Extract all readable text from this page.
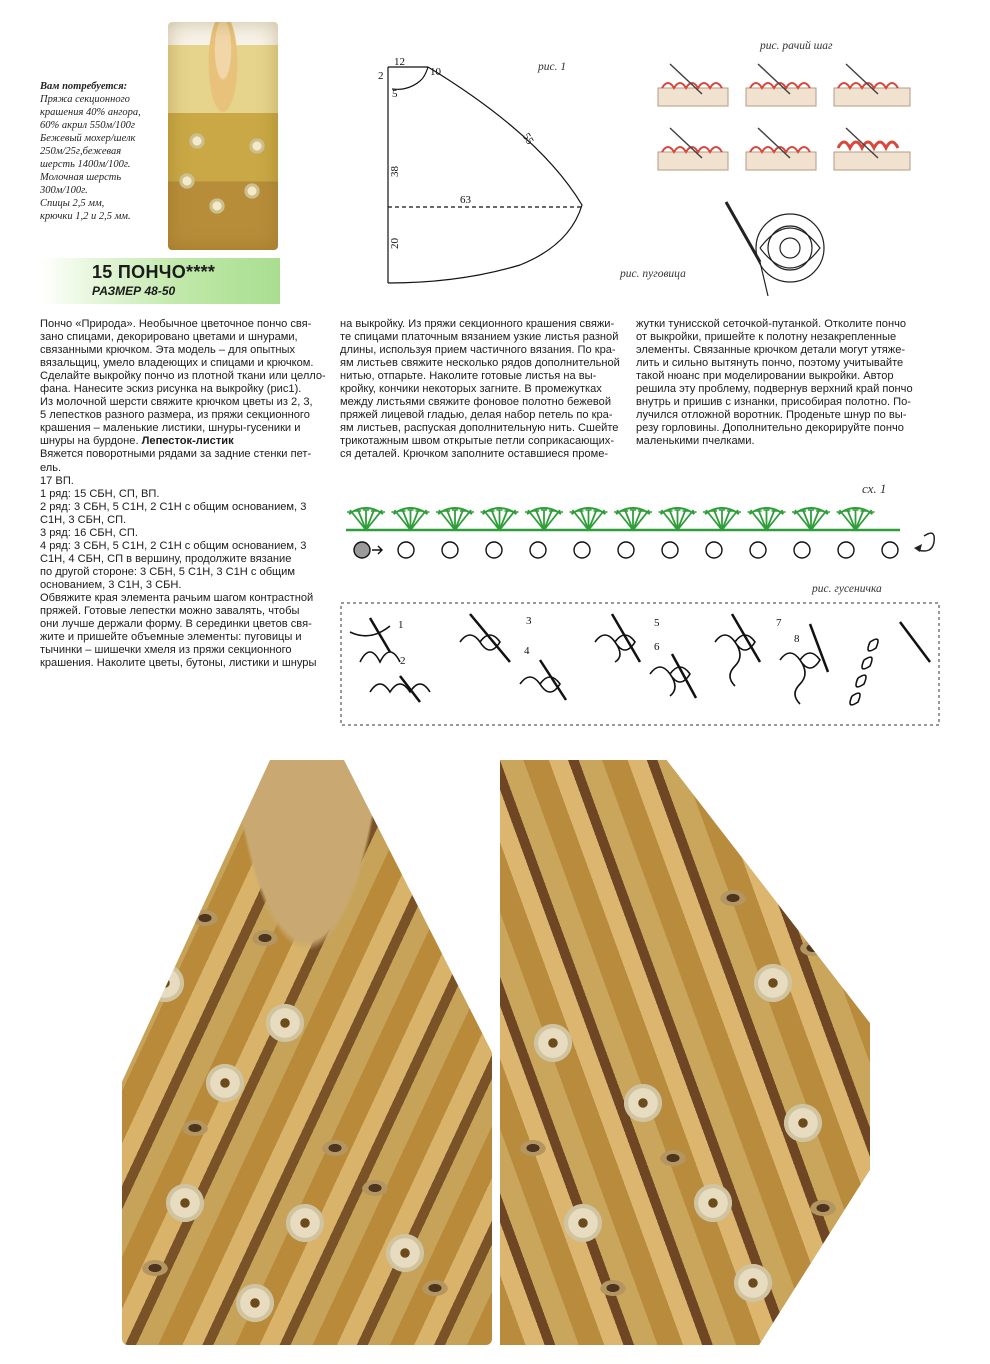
Вам потребуется:
Пряжа секционного
крашения 40% ангора,
60% акрил 550м/100г
Бежевый мохер/шелк
250м/25г,бежевая
шерсть 1400м/100г.
Молочная шерсть
300м/100г.
Спицы 2,5 мм,
крючки 1,2 и 2,5 мм.
15 ПОНЧО****
РАЗМЕР 48-50
12
10
2
5
38
55
63
20
рис. 1
рис. рачий шаг
рис. пуговица

Пончо «Природа». Необычное цветочное пончо свя-

зано спицами, декорировано цветами и шнурами,

связанными крючком. Эта модель – для опытных

вязальщиц, умело владеющих и спицами и крючком.

Сделайте выкройку пончо из плотной ткани или целло-

фана. Нанесите эскиз рисунка на выкройку (рис1).

Из молочной шерсти свяжите крючком цветы из 2, 3,

5 лепестков разного размера, из пряжи секционного

крашения – маленькие листики, шнуры-гусеники и

шнуры на бурдоне. Лепесток-листик

Вяжется поворотными рядами за задние стенки пет-

ель.

17 ВП.

1 ряд: 15 СБН, СП, ВП.

2 ряд: 3 СБН, 5 С1Н, 2 С1Н с общим основанием, 3

С1Н, 3 СБН, СП.

3 ряд: 16 СБН, СП.

4 ряд: 3 СБН, 5 С1Н, 2 С1Н с общим основанием, 3

С1Н, 4 СБН, СП в вершину, продолжите вязание

по другой стороне: 3 СБН, 5 С1Н, 3 С1Н с общим

основанием, 3 С1Н, 3 СБН.

Обвяжите края элемента рачьим шагом контрастной

пряжей. Готовые лепестки можно завалять, чтобы

они лучше держали форму. В серединки цветов свя-

жите и пришейте объемные элементы: пуговицы и

тычинки – шишечки хмеля из пряжи секционного

крашения. Наколите цветы, бутоны, листики и шнуры

на выкройку. Из пряжи секционного крашения свяжи-

те спицами платочным вязанием узкие листья разной

длины, используя прием частичного вязания. По кра-

ям листьев свяжите несколько рядов дополнительной

нитью, отпарьте. Наколите готовые листья на вы-

кройку, кончики некоторых загните. В промежутках

между листьями свяжите фоновое полотно бежевой

пряжей лицевой гладью, делая набор петель по кра-

ям листьев, распуская дополнительную нить. Сшейте

трикотажным швом открытые петли соприкасающих-

ся деталей. Крючком заполните оставшиеся проме-

жутки тунисской сеточкой-путанкой. Отколите пончо

от выкройки, пришейте к полотну незакрепленные

элементы. Связанные крючком детали могут утяже-

лить и сильно вытянуть пончо, поэтому учитывайте

такой нюанс при моделировании выкройки. Автор

решила эту проблему, подвернув верхний край пончо

внутрь и пришив с изнанки, присобирая полотно. По-

лучился отложной воротник. Проденьте шнур по вы-

резу горловины. Дополнительно декорируйте пончо

маленькими пчелками.

сх. 1
рис. гусеничка
1
2
3
4
5
6
7
8
